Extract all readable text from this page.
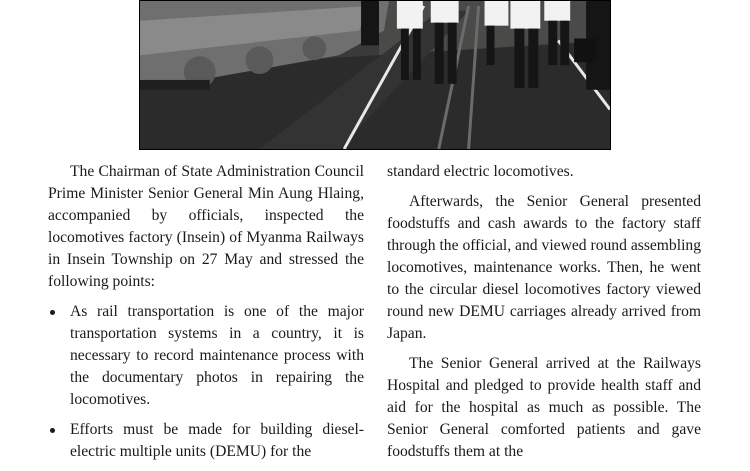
The Chairman of State Administration Council Prime Minister Senior General Min Aung Hlaing, accompanied by officials, inspected the locomotives factory (Insein) of Myanma Railways in Insein Township on 27 May and stressed the following points:

As rail transportation is one of the major transportation systems in a country, it is necessary to record maintenance process with the documentary photos in repairing the locomotives.
Efforts must be made for building diesel-electric multiple units (DEMU) for the

standard electric locomotives.

Afterwards, the Senior General presented foodstuffs and cash awards to the factory staff through the official, and viewed round assembling locomotives, maintenance works. Then, he went to the circular diesel locomotives factory viewed round new DEMU carriages already arrived from Japan.

The Senior General arrived at the Railways Hospital and pledged to provide health staff and aid for the hospital as much as possible. The Senior General comforted patients and gave foodstuffs them at the
